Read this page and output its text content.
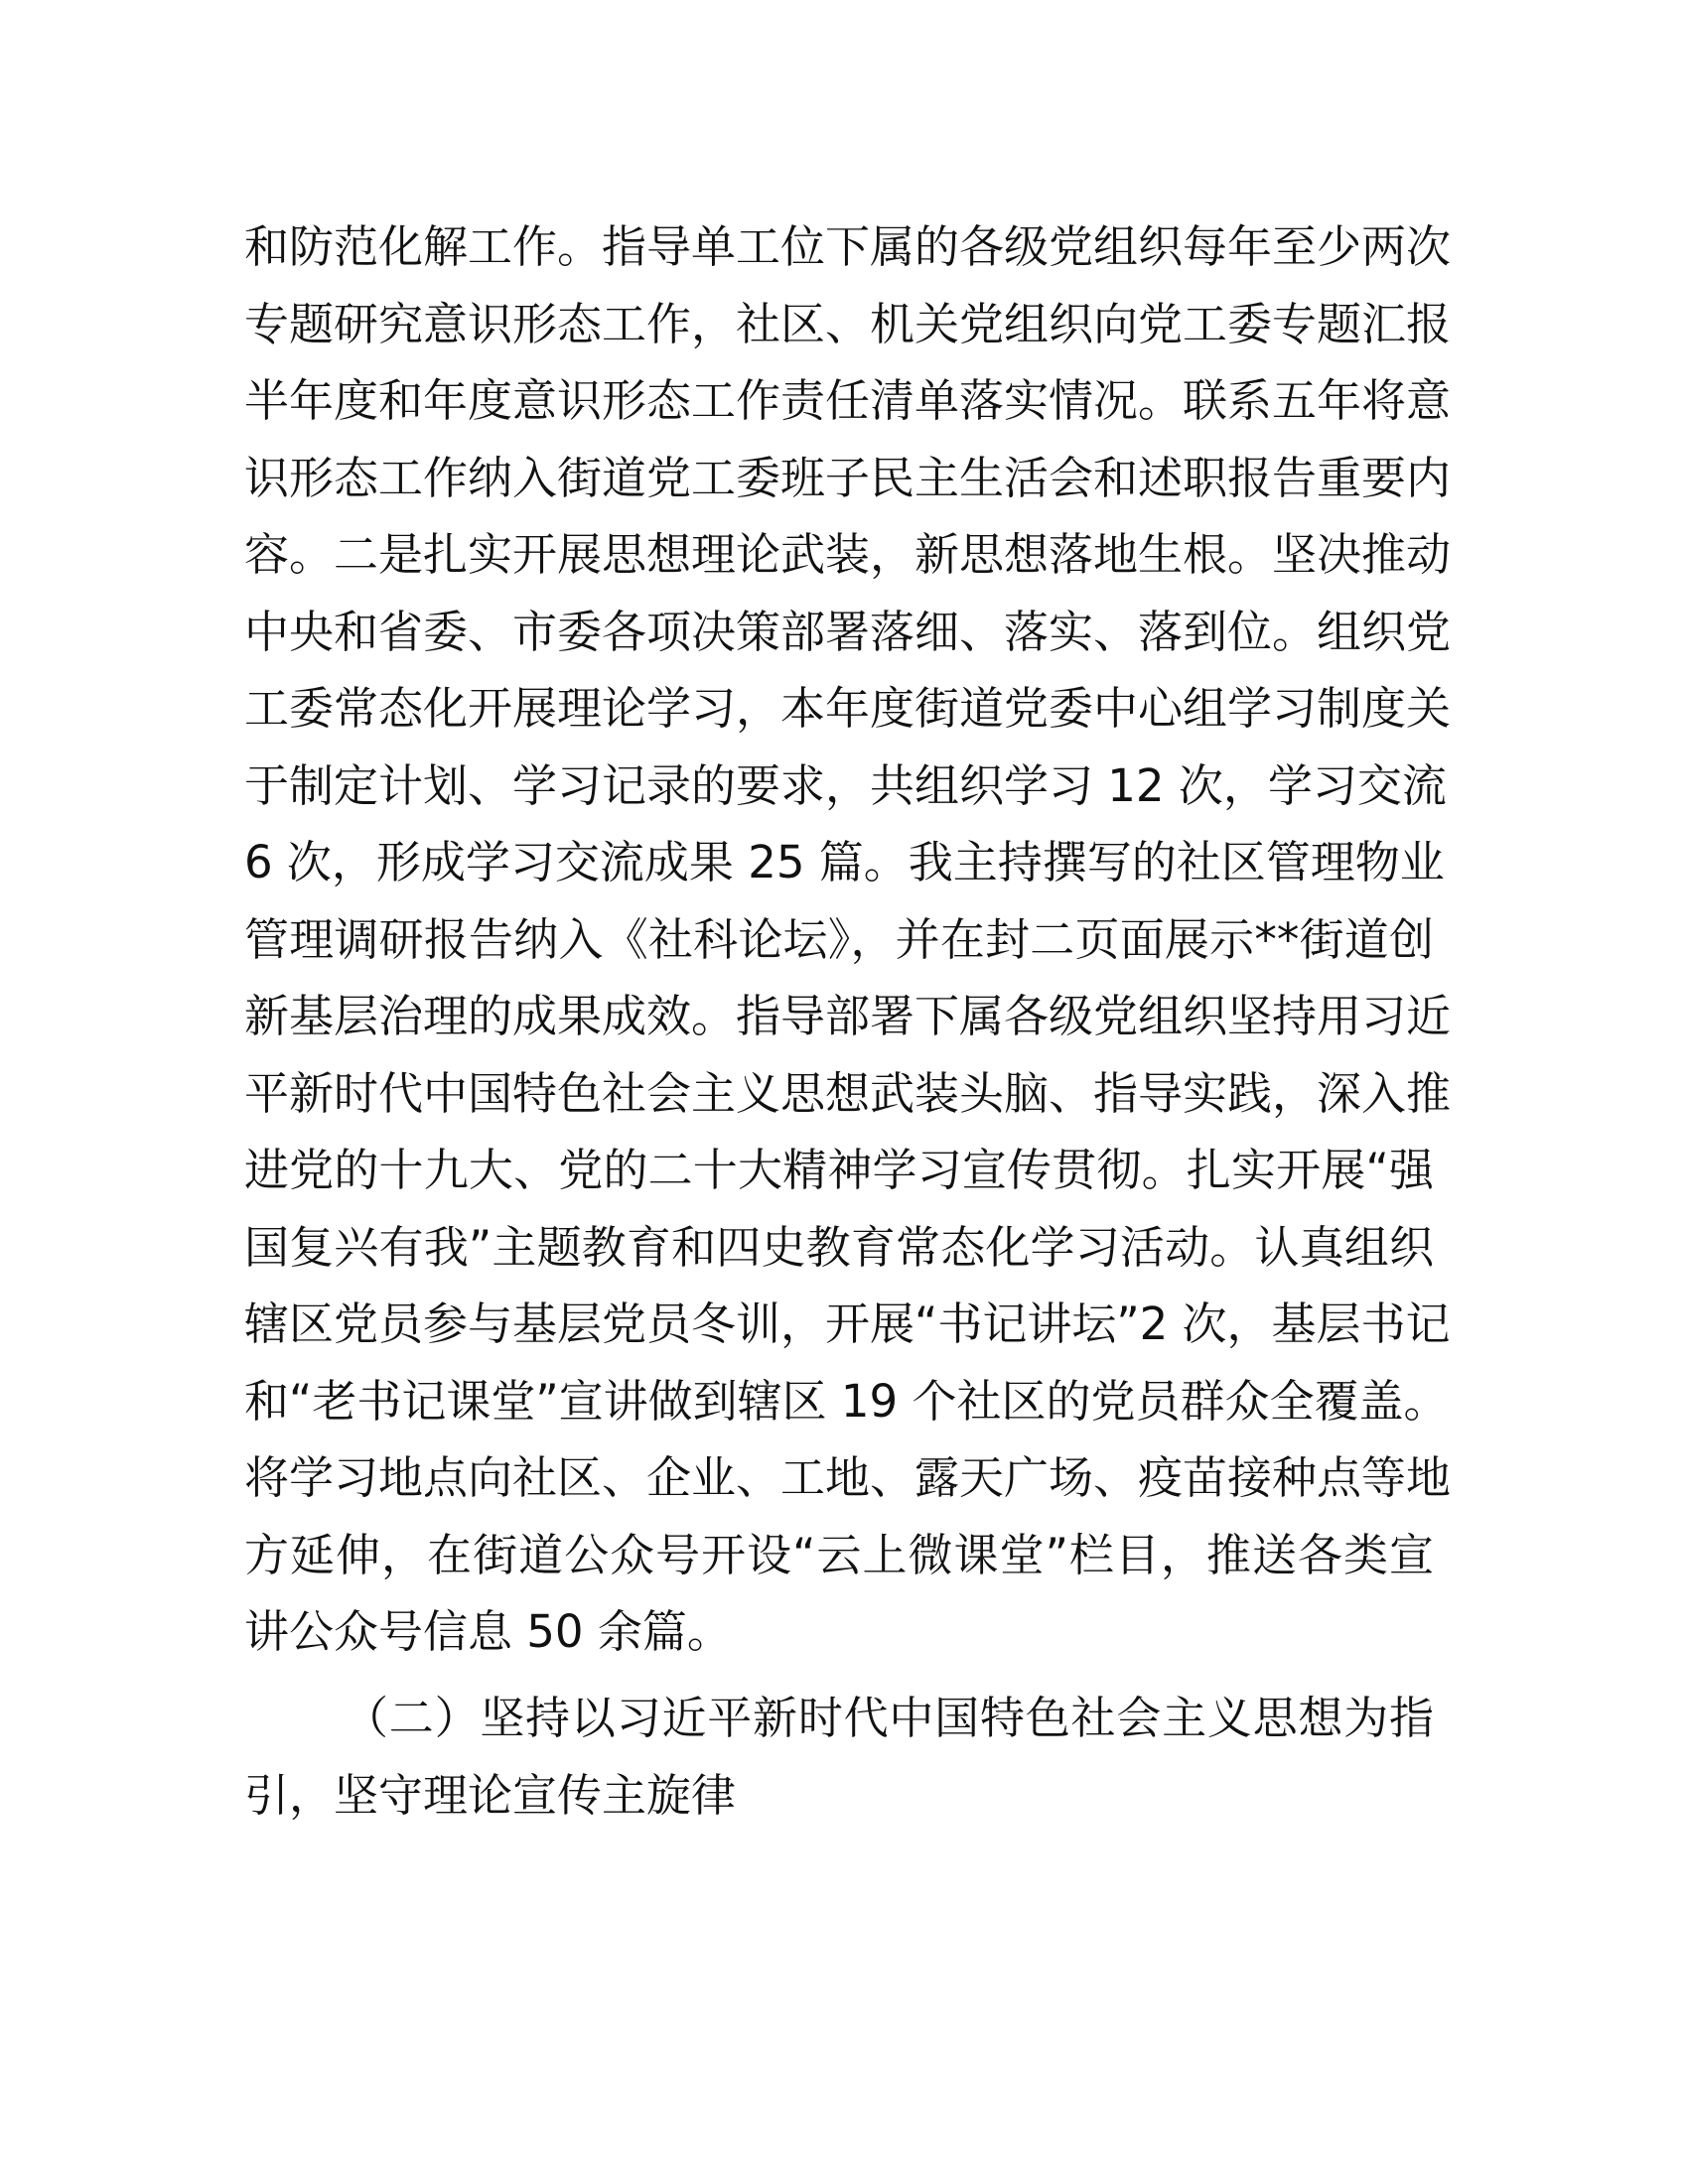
和防范化解工作。指导单工位下属的各级党组织每年至少两次
专题研究意识形态工作，社区、机关党组织向党工委专题汇报
半年度和年度意识形态工作责任清单落实情况。联系五年将意
识形态工作纳入街道党工委班子民主生活会和述职报告重要内
容。二是扎实开展思想理论武装，新思想落地生根。坚决推动
中央和省委、市委各项决策部署落细、落实、落到位。组织党
工委常态化开展理论学习，本年度街道党委中心组学习制度关
于制定计划、学习记录的要求，共组织学习 12 次，学习交流
6 次，形成学习交流成果 25 篇。我主持撰写的社区管理物业
管理调研报告纳入《社科论坛》，并在封二页面展示**街道创
新基层治理的成果成效。指导部署下属各级党组织坚持用习近
平新时代中国特色社会主义思想武装头脑、指导实践，深入推
进党的十九大、党的二十大精神学习宣传贯彻。扎实开展“强
国复兴有我”主题教育和四史教育常态化学习活动。认真组织
辖区党员参与基层党员冬训，开展“书记讲坛”2 次，基层书记
和“老书记课堂”宣讲做到辖区 19 个社区的党员群众全覆盖。
将学习地点向社区、企业、工地、露天广场、疫苗接种点等地
方延伸，在街道公众号开设“云上微课堂”栏目，推送各类宣
讲公众号信息 50 余篇。
（二）坚持以习近平新时代中国特色社会主义思想为指
引，坚守理论宣传主旋律
